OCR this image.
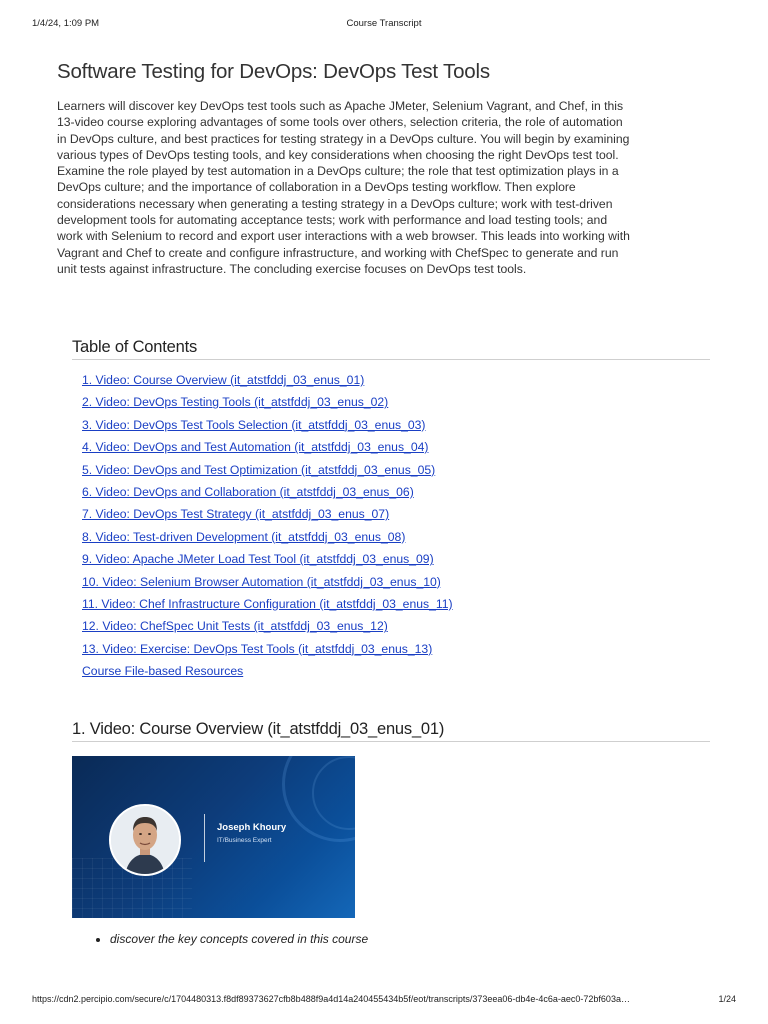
1/4/24, 1:09 PM	Course Transcript
Software Testing for DevOps: DevOps Test Tools

Learners will discover key DevOps test tools such as Apache JMeter, Selenium Vagrant, and Chef, in this 13-video course exploring advantages of some tools over others, selection criteria, the role of automation in DevOps culture, and best practices for testing strategy in a DevOps culture. You will begin by examining various types of DevOps testing tools, and key considerations when choosing the right DevOps test tool. Examine the role played by test automation in a DevOps culture; the role that test optimization plays in a DevOps culture; and the importance of collaboration in a DevOps testing workflow. Then explore considerations necessary when generating a testing strategy in a DevOps culture; work with test-driven development tools for automating acceptance tests; work with performance and load testing tools; and work with Selenium to record and export user interactions with a web browser. This leads into working with Vagrant and Chef to create and configure infrastructure, and working with ChefSpec to generate and run unit tests against infrastructure. The concluding exercise focuses on DevOps test tools.

Table of Contents
1. Video: Course Overview (it_atstfddj_03_enus_01)
2. Video: DevOps Testing Tools (it_atstfddj_03_enus_02)
3. Video: DevOps Test Tools Selection (it_atstfddj_03_enus_03)
4. Video: DevOps and Test Automation (it_atstfddj_03_enus_04)
5. Video: DevOps and Test Optimization (it_atstfddj_03_enus_05)
6. Video: DevOps and Collaboration (it_atstfddj_03_enus_06)
7. Video: DevOps Test Strategy (it_atstfddj_03_enus_07)
8. Video: Test-driven Development (it_atstfddj_03_enus_08)
9. Video: Apache JMeter Load Test Tool (it_atstfddj_03_enus_09)
10. Video: Selenium Browser Automation (it_atstfddj_03_enus_10)
11. Video: Chef Infrastructure Configuration (it_atstfddj_03_enus_11)
12. Video: ChefSpec Unit Tests (it_atstfddj_03_enus_12)
13. Video: Exercise: DevOps Test Tools (it_atstfddj_03_enus_13)
Course File-based Resources
1. Video: Course Overview (it_atstfddj_03_enus_01)
Joseph Khoury
IT/Business Expert
• discover the key concepts covered in this course
https://cdn2.percipio.com/secure/c/1704480313.f8df89373627cfb8b488f9a4d14a240455434b5f/eot/transcripts/373eea06-db4e-4c6a-aec0-72bf603a…	1/24
